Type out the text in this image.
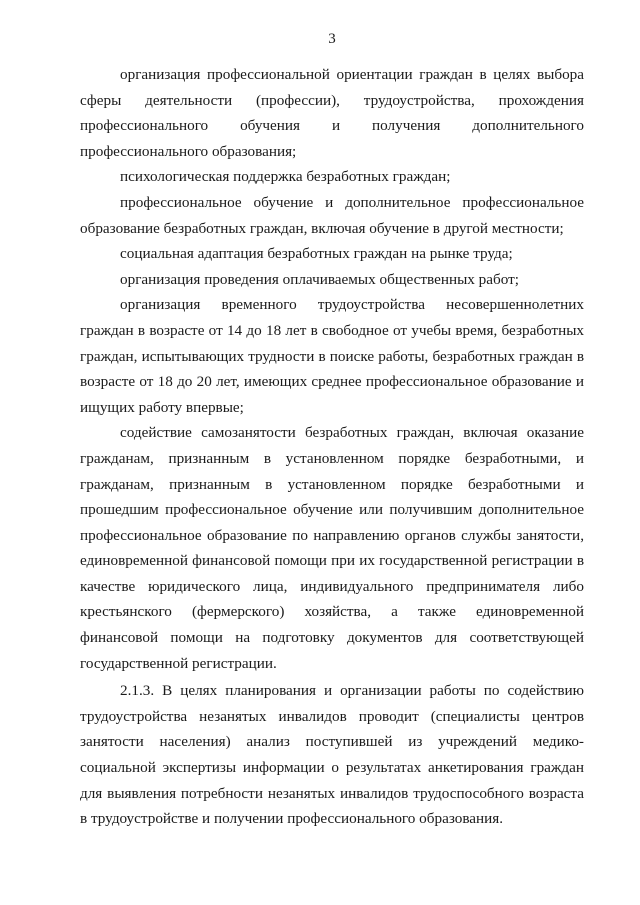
3

организация профессиональной ориентации граждан в целях выбора сферы деятельности (профессии), трудоустройства, прохождения профессионального обучения и получения дополнительного профессионального образования;

психологическая поддержка безработных граждан;

профессиональное обучение и дополнительное профессиональное образование безработных граждан, включая обучение в другой местности;

социальная адаптация безработных граждан на рынке труда;

организация проведения оплачиваемых общественных работ;

организация временного трудоустройства несовершеннолетних граждан в возрасте от 14 до 18 лет в свободное от учебы время, безработных граждан, испытывающих трудности в поиске работы, безработных граждан в возрасте от 18 до 20 лет, имеющих среднее профессиональное образование и ищущих работу впервые;

содействие самозанятости безработных граждан, включая оказание гражданам, признанным в установленном порядке безработными, и гражданам, признанным в установленном порядке безработными и прошедшим профессиональное обучение или получившим дополнительное профессиональное образование по направлению органов службы занятости, единовременной финансовой помощи при их государственной регистрации в качестве юридического лица, индивидуального предпринимателя либо крестьянского (фермерского) хозяйства, а также единовременной финансовой помощи на подготовку документов для соответствующей государственной регистрации.

2.1.3. В целях планирования и организации работы по содействию трудоустройства незанятых инвалидов проводит (специалисты центров занятости населения) анализ поступившей из учреждений медико-социальной экспертизы информации о результатах анкетирования граждан для выявления потребности незанятых инвалидов трудоспособного возраста в трудоустройстве и получении профессионального образования.
